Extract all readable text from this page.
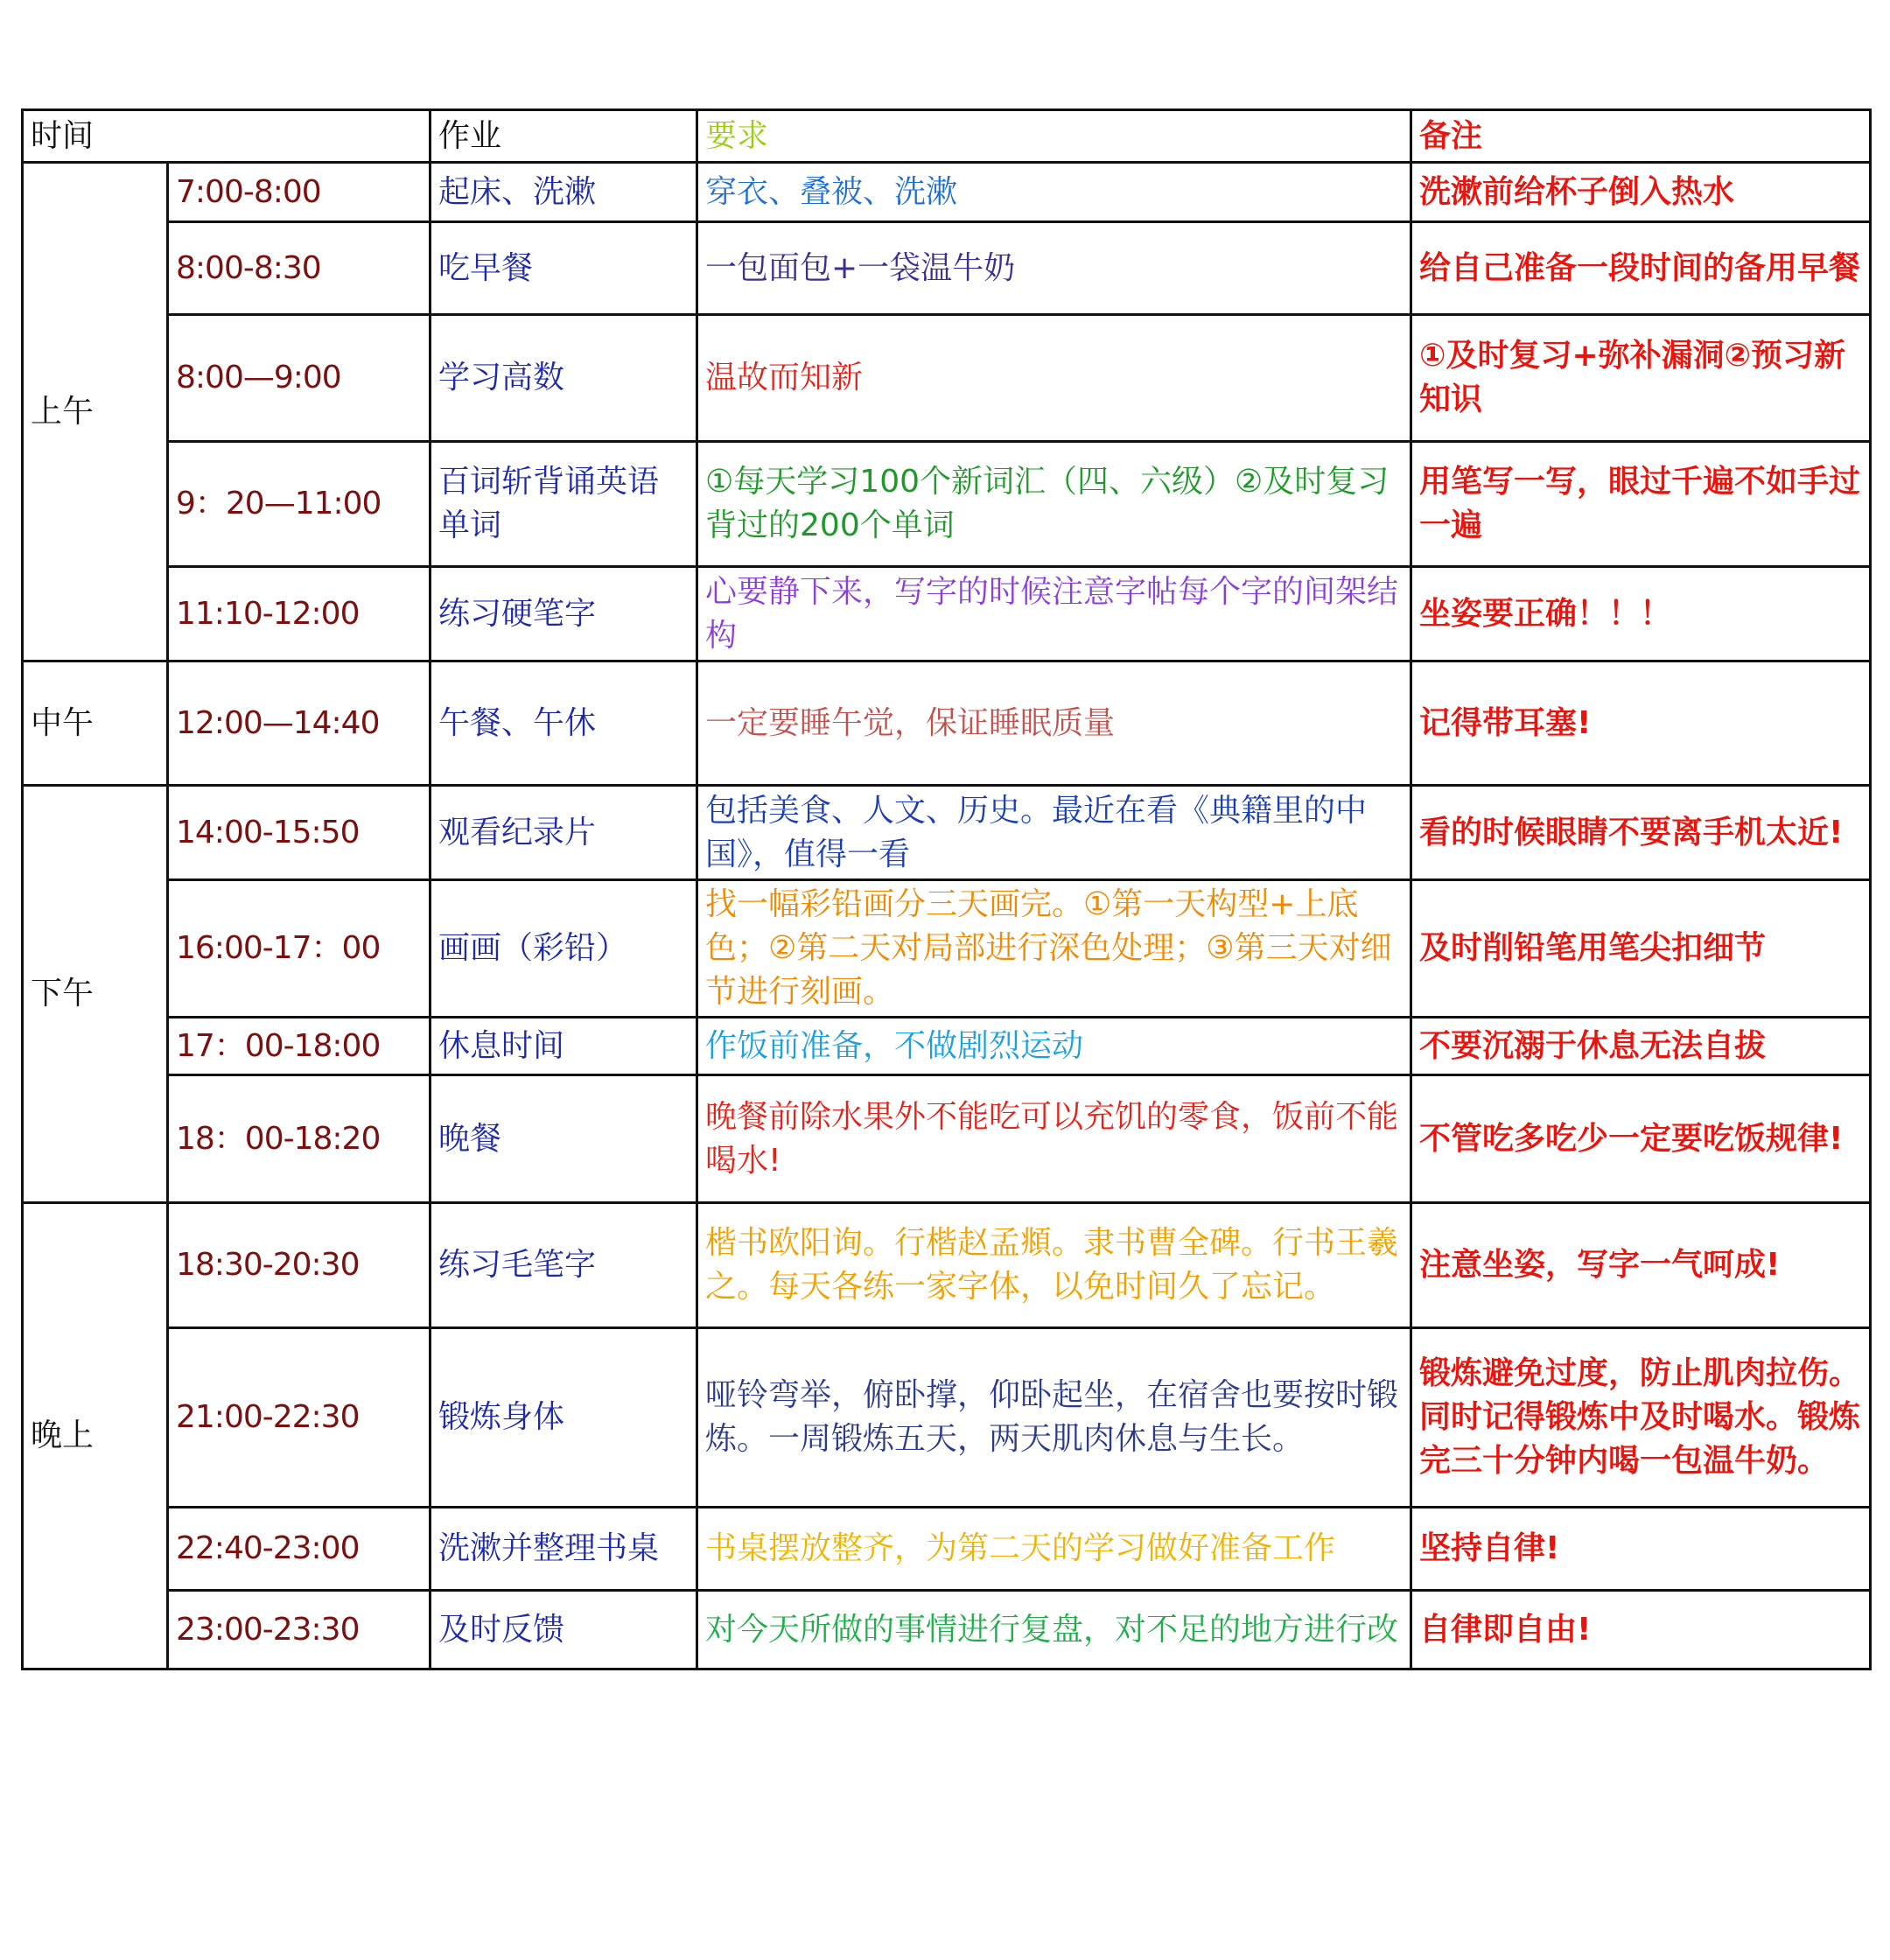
时间		作业	要求	备注
上午	7:00-8:00	起床、洗漱	穿衣、叠被、洗漱	洗漱前给杯子倒入热水
	8:00-8:30	吃早餐	一包面包+一袋温牛奶	给自己准备一段时间的备用早餐
	8:00—9:00	学习高数	温故而知新	①及时复习+弥补漏洞②预习新知识
	9：20—11:00	百词斩背诵英语单词	①每天学习100个新词汇（四、六级）②及时复习背过的200个单词	用笔写一写，眼过千遍不如手过一遍
	11:10-12:00	练习硬笔字	心要静下来，写字的时候注意字帖每个字的间架结构	坐姿要正确！！！
中午	12:00—14:40	午餐、午休	一定要睡午觉，保证睡眠质量	记得带耳塞!
下午	14:00-15:50	观看纪录片	包括美食、人文、历史。最近在看《典籍里的中国》，值得一看	看的时候眼睛不要离手机太近!
	16:00-17：00	画画（彩铅）	找一幅彩铅画分三天画完。①第一天构型+上底色；②第二天对局部进行深色处理；③第三天对细节进行刻画。	及时削铅笔用笔尖扣细节
	17：00-18:00	休息时间	作饭前准备，不做剧烈运动	不要沉溺于休息无法自拔
	18：00-18:20	晚餐	晚餐前除水果外不能吃可以充饥的零食，饭前不能喝水!	不管吃多吃少一定要吃饭规律!
晚上	18:30-20:30	练习毛笔字	楷书欧阳询。行楷赵孟頫。隶书曹全碑。行书王羲之。每天各练一家字体，以免时间久了忘记。	注意坐姿，写字一气呵成!
	21:00-22:30	锻炼身体	哑铃弯举，俯卧撑，仰卧起坐，在宿舍也要按时锻炼。一周锻炼五天，两天肌肉休息与生长。	锻炼避免过度，防止肌肉拉伤。同时记得锻炼中及时喝水。锻炼完三十分钟内喝一包温牛奶。
	22:40-23:00	洗漱并整理书桌	书桌摆放整齐，为第二天的学习做好准备工作	坚持自律!
	23:00-23:30	及时反馈	对今天所做的事情进行复盘，对不足的地方进行改	自律即自由!
